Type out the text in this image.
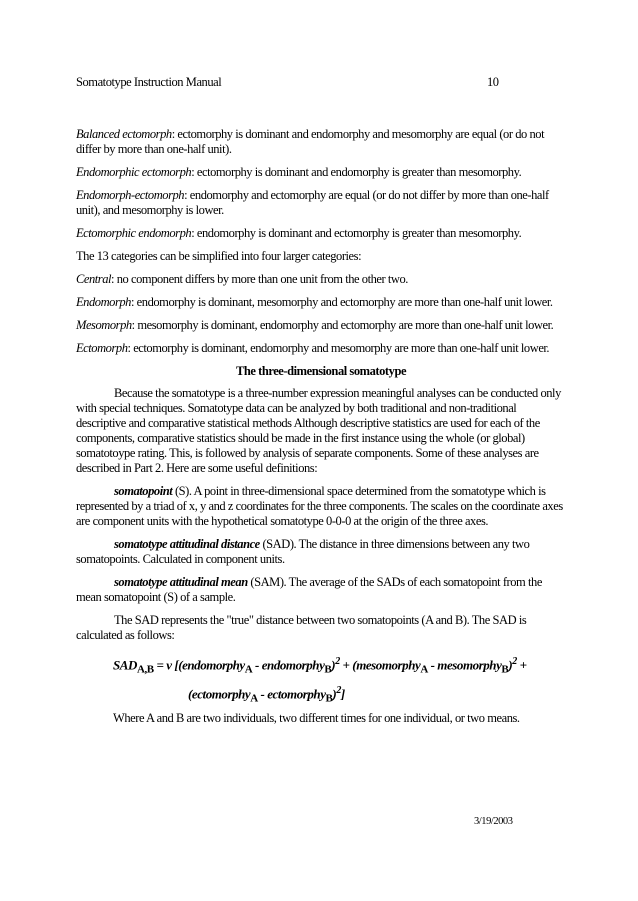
Somatotype Instruction Manual	10

Balanced ectomorph: ectomorphy is dominant and endomorphy and mesomorphy are equal (or do not differ by more than one-half unit).

Endomorphic ectomorph: ectomorphy is dominant and endomorphy is greater than mesomorphy.

Endomorph-ectomorph: endomorphy and ectomorphy are equal (or do not differ by more than one-half unit), and mesomorphy is lower.

Ectomorphic endomorph: endomorphy is dominant and ectomorphy is greater than mesomorphy.

The 13 categories can be simplified into four larger categories:

Central: no component differs by more than one unit from the other two.

Endomorph: endomorphy is dominant, mesomorphy and ectomorphy are more than one-half unit lower.

Mesomorph: mesomorphy is dominant, endomorphy and ectomorphy are more than one-half unit lower.

Ectomorph: ectomorphy is dominant, endomorphy and mesomorphy are more than one-half unit lower.

The three-dimensional somatotype

Because the somatotype is a three-number expression meaningful analyses can be conducted only with special techniques. Somatotype data can be analyzed by both traditional and non-traditional descriptive and comparative statistical methods Although descriptive statistics are used for each of the components, comparative statistics should be made in the first instance using the whole (or global) somatotoype rating. This, is followed by analysis of separate components. Some of these analyses are described in Part 2. Here are some useful definitions:

somatopoint (S). A point in three-dimensional space determined from the somatotype which is represented by a triad of x, y and z coordinates for the three components. The scales on the coordinate axes are component units with the hypothetical somatotype 0-0-0 at the origin of the three axes.

somatotype attitudinal distance (SAD). The distance in three dimensions between any two somatopoints. Calculated in component units.

somatotype attitudinal mean (SAM). The average of the SADs of each somatopoint from the mean somatopoint (S) of a sample.

The SAD represents the "true" distance between two somatopoints (A and B). The SAD is calculated as follows:

$SAD_{A,B} = v$ [(endomorphy$_A$ - endomorphy$_B$)$^2$ + (mesomorphy$_A$ - mesomorphy$_B$)$^2$ +
(ectomorphy$_A$ - ectomorphy$_B$)$^2$]
Where A and B are two individuals, two different times for one individual, or two means.
3/19/2003
